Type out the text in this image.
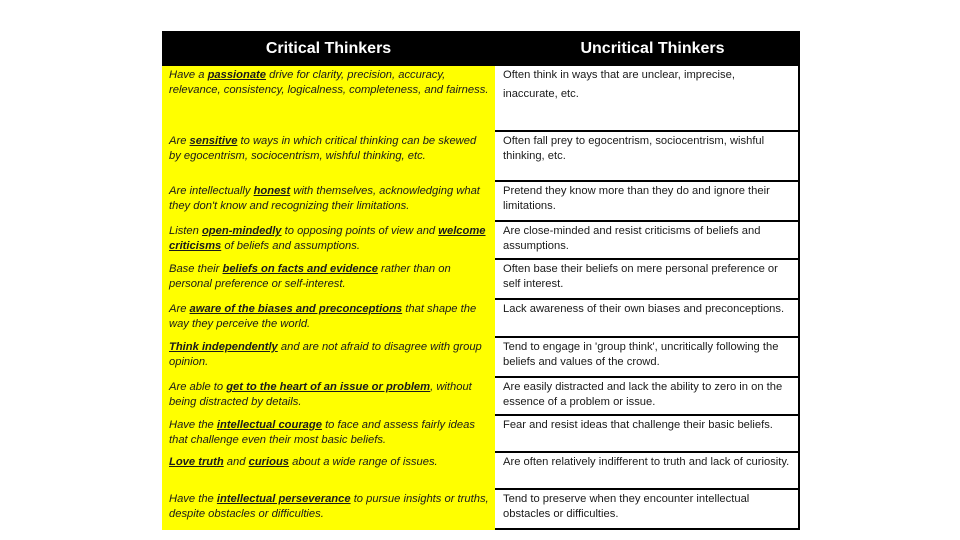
Critical Thinkers	Uncritical Thinkers
Have a passionate drive for clarity, precision, accuracy, relevance, consistency, logicalness, completeness, and fairness.
Often think in ways that are unclear, imprecise, inaccurate, etc.
Are sensitive to ways in which critical thinking can be skewed by egocentrism, sociocentrism, wishful thinking, etc.
Often fall prey to egocentrism, sociocentrism, wishful thinking, etc.
Are intellectually honest with themselves, acknowledging what they don't know and recognizing their limitations.
Pretend they know more than they do and ignore their limitations.
Listen open-mindedly to opposing points of view and welcome criticisms of beliefs and assumptions.
Are close-minded and resist criticisms of beliefs and assumptions.
Base their beliefs on facts and evidence rather than on personal preference or self-interest.
Often base their beliefs on mere personal preference or self interest.
Are aware of the biases and preconceptions that shape the way they perceive the world.
Lack awareness of their own biases and preconceptions.
Think independently and are not afraid to disagree with group opinion.
Tend to engage in 'group think', uncritically following the beliefs and values of the crowd.
Are able to get to the heart of an issue or problem, without being distracted by details.
Are easily distracted and lack the ability to zero in on the essence of a problem or issue.
Have the intellectual courage to face and assess fairly ideas that challenge even their most basic beliefs.
Fear and resist ideas that challenge their basic beliefs.
Love truth and curious about a wide range of issues.	Are often relatively indifferent to truth and lack of curiosity.
Have the intellectual perseverance to pursue insights or truths, despite obstacles or difficulties.
Tend to preserve when they encounter intellectual obstacles or difficulties.
